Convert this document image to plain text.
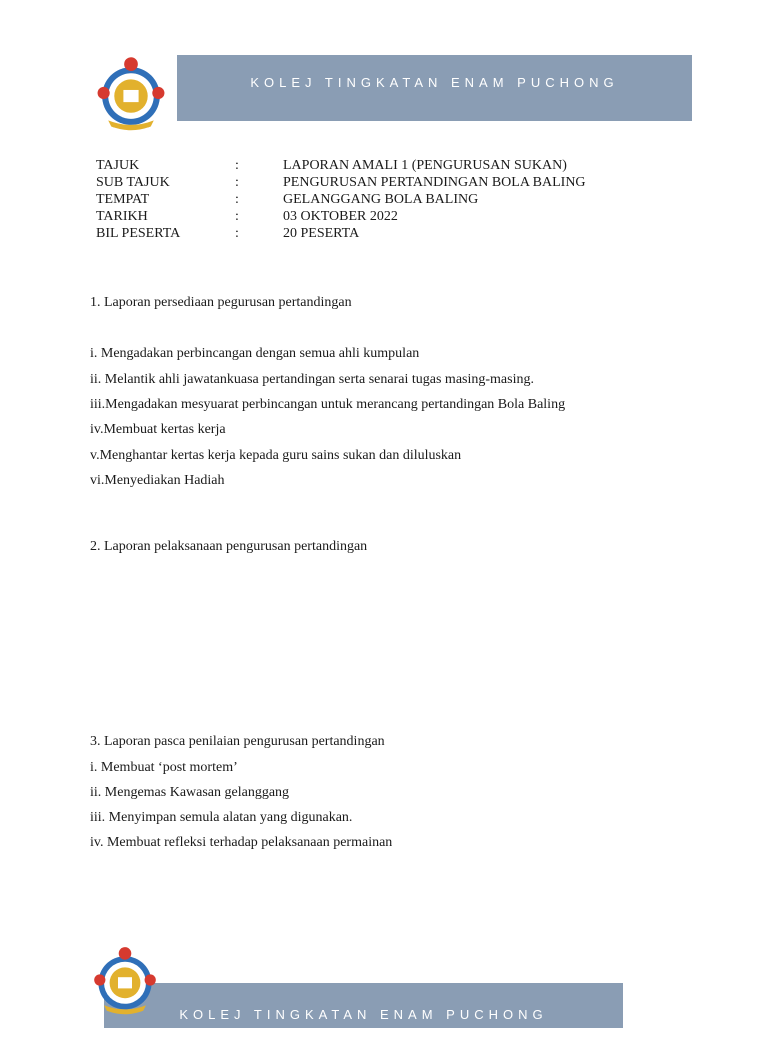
KOLEJ TINGKATAN ENAM PUCHONG
TAJUK	:	LAPORAN AMALI 1 (PENGURUSAN SUKAN)
SUB TAJUK	:	PENGURUSAN PERTANDINGAN BOLA BALING
TEMPAT	:	GELANGGANG BOLA BALING
TARIKH	:	03 OKTOBER 2022
BIL PESERTA	:	20 PESERTA
1. Laporan persediaan pegurusan pertandingan
i. Mengadakan perbincangan dengan semua ahli kumpulan
ii. Melantik ahli jawatankuasa pertandingan serta senarai tugas masing-masing.
iii.Mengadakan mesyuarat perbincangan untuk merancang pertandingan Bola Baling
iv.Membuat kertas kerja
v.Menghantar kertas kerja kepada guru sains sukan dan diluluskan
vi.Menyediakan Hadiah
2. Laporan pelaksanaan pengurusan pertandingan
3. Laporan pasca penilaian pengurusan pertandingan
i. Membuat ‘post mortem’
ii. Mengemas Kawasan gelanggang
iii. Menyimpan semula alatan yang digunakan.
iv. Membuat refleksi terhadap pelaksanaan permainan
KOLEJ TINGKATAN ENAM PUCHONG
